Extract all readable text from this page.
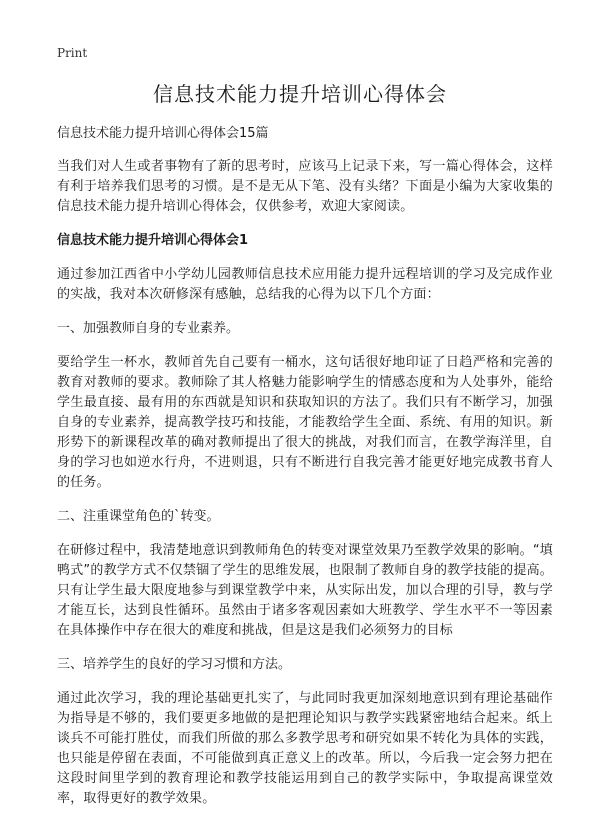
Print
信息技术能力提升培训心得体会

信息技术能力提升培训心得体会15篇

当我们对人生或者事物有了新的思考时，应该马上记录下来，写一篇心得体会，这样有利于培养我们思考的习惯。是不是无从下笔、没有头绪？下面是小编为大家收集的信息技术能力提升培训心得体会，仅供参考，欢迎大家阅读。

信息技术能力提升培训心得体会1

通过参加江西省中小学幼儿园教师信息技术应用能力提升远程培训的学习及完成作业的实战，我对本次研修深有感触，总结我的心得为以下几个方面：

一、加强教师自身的专业素养。

要给学生一杯水，教师首先自己要有一桶水，这句话很好地印证了日趋严格和完善的教育对教师的要求。教师除了其人格魅力能影响学生的情感态度和为人处事外，能给学生最直接、最有用的东西就是知识和获取知识的方法了。我们只有不断学习，加强自身的专业素养，提高教学技巧和技能，才能教给学生全面、系统、有用的知识。新形势下的新课程改革的确对教师提出了很大的挑战，对我们而言，在教学海洋里，自身的学习也如逆水行舟，不进则退，只有不断进行自我完善才能更好地完成教书育人的任务。

二、注重课堂角色的`转变。

在研修过程中，我清楚地意识到教师角色的转变对课堂效果乃至教学效果的影响。“填鸭式”的教学方式不仅禁锢了学生的思维发展，也限制了教师自身的教学技能的提高。只有让学生最大限度地参与到课堂教学中来，从实际出发，加以合理的引导，教与学才能互长，达到良性循环。虽然由于诸多客观因素如大班教学、学生水平不一等因素在具体操作中存在很大的难度和挑战，但是这是我们必须努力的目标

三、培养学生的良好的学习习惯和方法。

通过此次学习，我的理论基础更扎实了，与此同时我更加深刻地意识到有理论基础作为指导是不够的，我们要更多地做的是把理论知识与教学实践紧密地结合起来。纸上谈兵不可能打胜仗，而我们所做的那么多教学思考和研究如果不转化为具体的实践，也只能是停留在表面，不可能做到真正意义上的改革。所以，今后我一定会努力把在这段时间里学到的教育理论和教学技能运用到自己的教学实际中，争取提高课堂效率，取得更好的教学效果。
